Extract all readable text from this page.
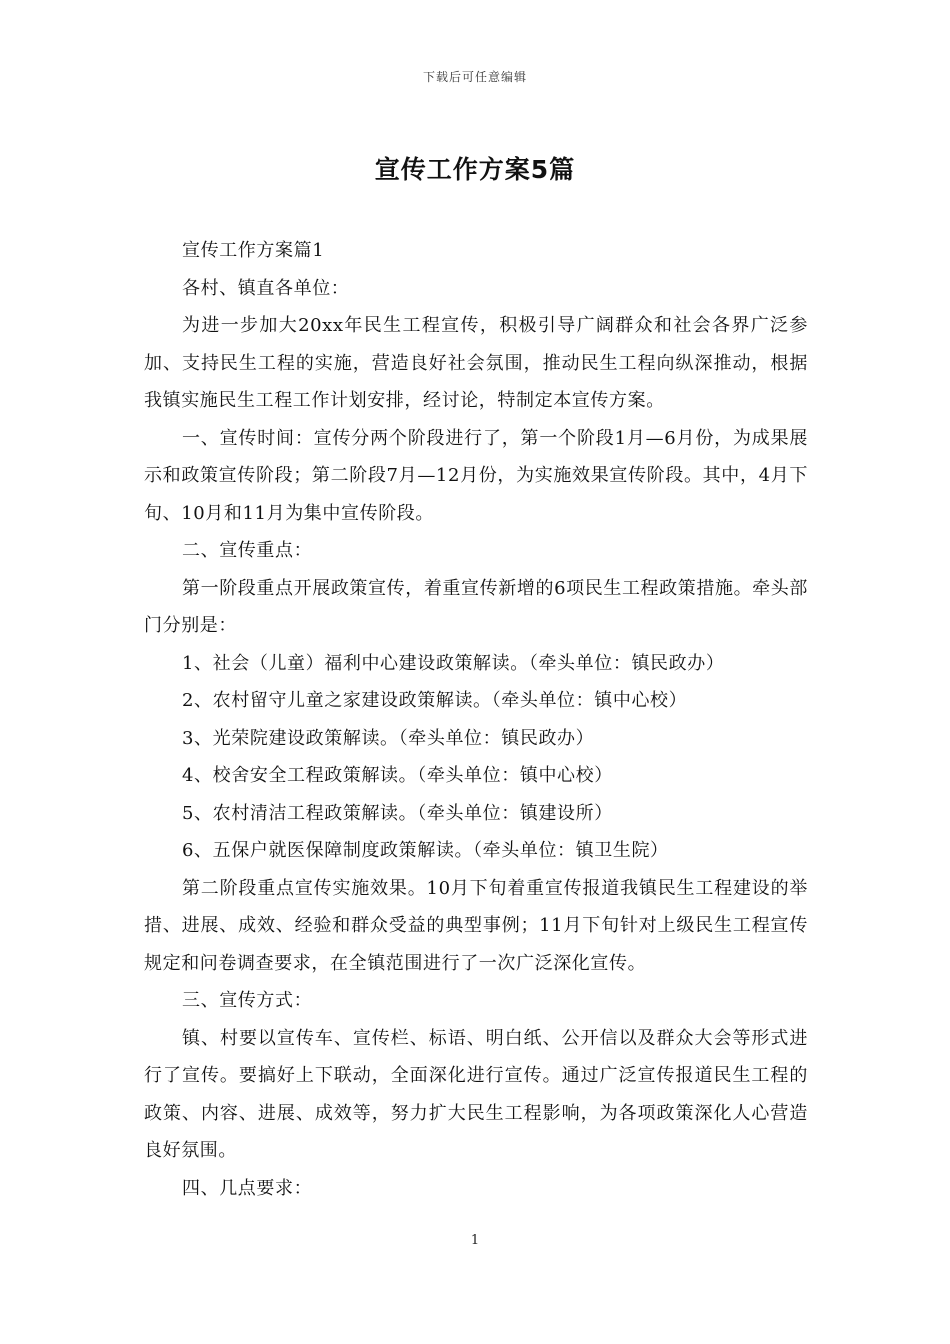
下载后可任意编辑
宣传工作方案5篇

宣传工作方案篇1

各村、镇直各单位：

为进一步加大20xx年民生工程宣传，积极引导广阔群众和社会各界广泛参加、支持民生工程的实施，营造良好社会氛围，推动民生工程向纵深推动，根据我镇实施民生工程工作计划安排，经讨论，特制定本宣传方案。

一、宣传时间：宣传分两个阶段进行了，第一个阶段1月—6月份，为成果展示和政策宣传阶段；第二阶段7月—12月份，为实施效果宣传阶段。其中，4月下旬、10月和11月为集中宣传阶段。

二、宣传重点：

第一阶段重点开展政策宣传，着重宣传新增的6项民生工程政策措施。牵头部门分别是：

1、社会（儿童）福利中心建设政策解读。（牵头单位：镇民政办）

2、农村留守儿童之家建设政策解读。（牵头单位：镇中心校）

3、光荣院建设政策解读。（牵头单位：镇民政办）

4、校舍安全工程政策解读。（牵头单位：镇中心校）

5、农村清洁工程政策解读。（牵头单位：镇建设所）

6、五保户就医保障制度政策解读。（牵头单位：镇卫生院）

第二阶段重点宣传实施效果。10月下旬着重宣传报道我镇民生工程建设的举措、进展、成效、经验和群众受益的典型事例；11月下旬针对上级民生工程宣传规定和问卷调查要求，在全镇范围进行了一次广泛深化宣传。

三、宣传方式：

镇、村要以宣传车、宣传栏、标语、明白纸、公开信以及群众大会等形式进行了宣传。要搞好上下联动，全面深化进行宣传。通过广泛宣传报道民生工程的政策、内容、进展、成效等，努力扩大民生工程影响，为各项政策深化人心营造良好氛围。

四、几点要求：

1
